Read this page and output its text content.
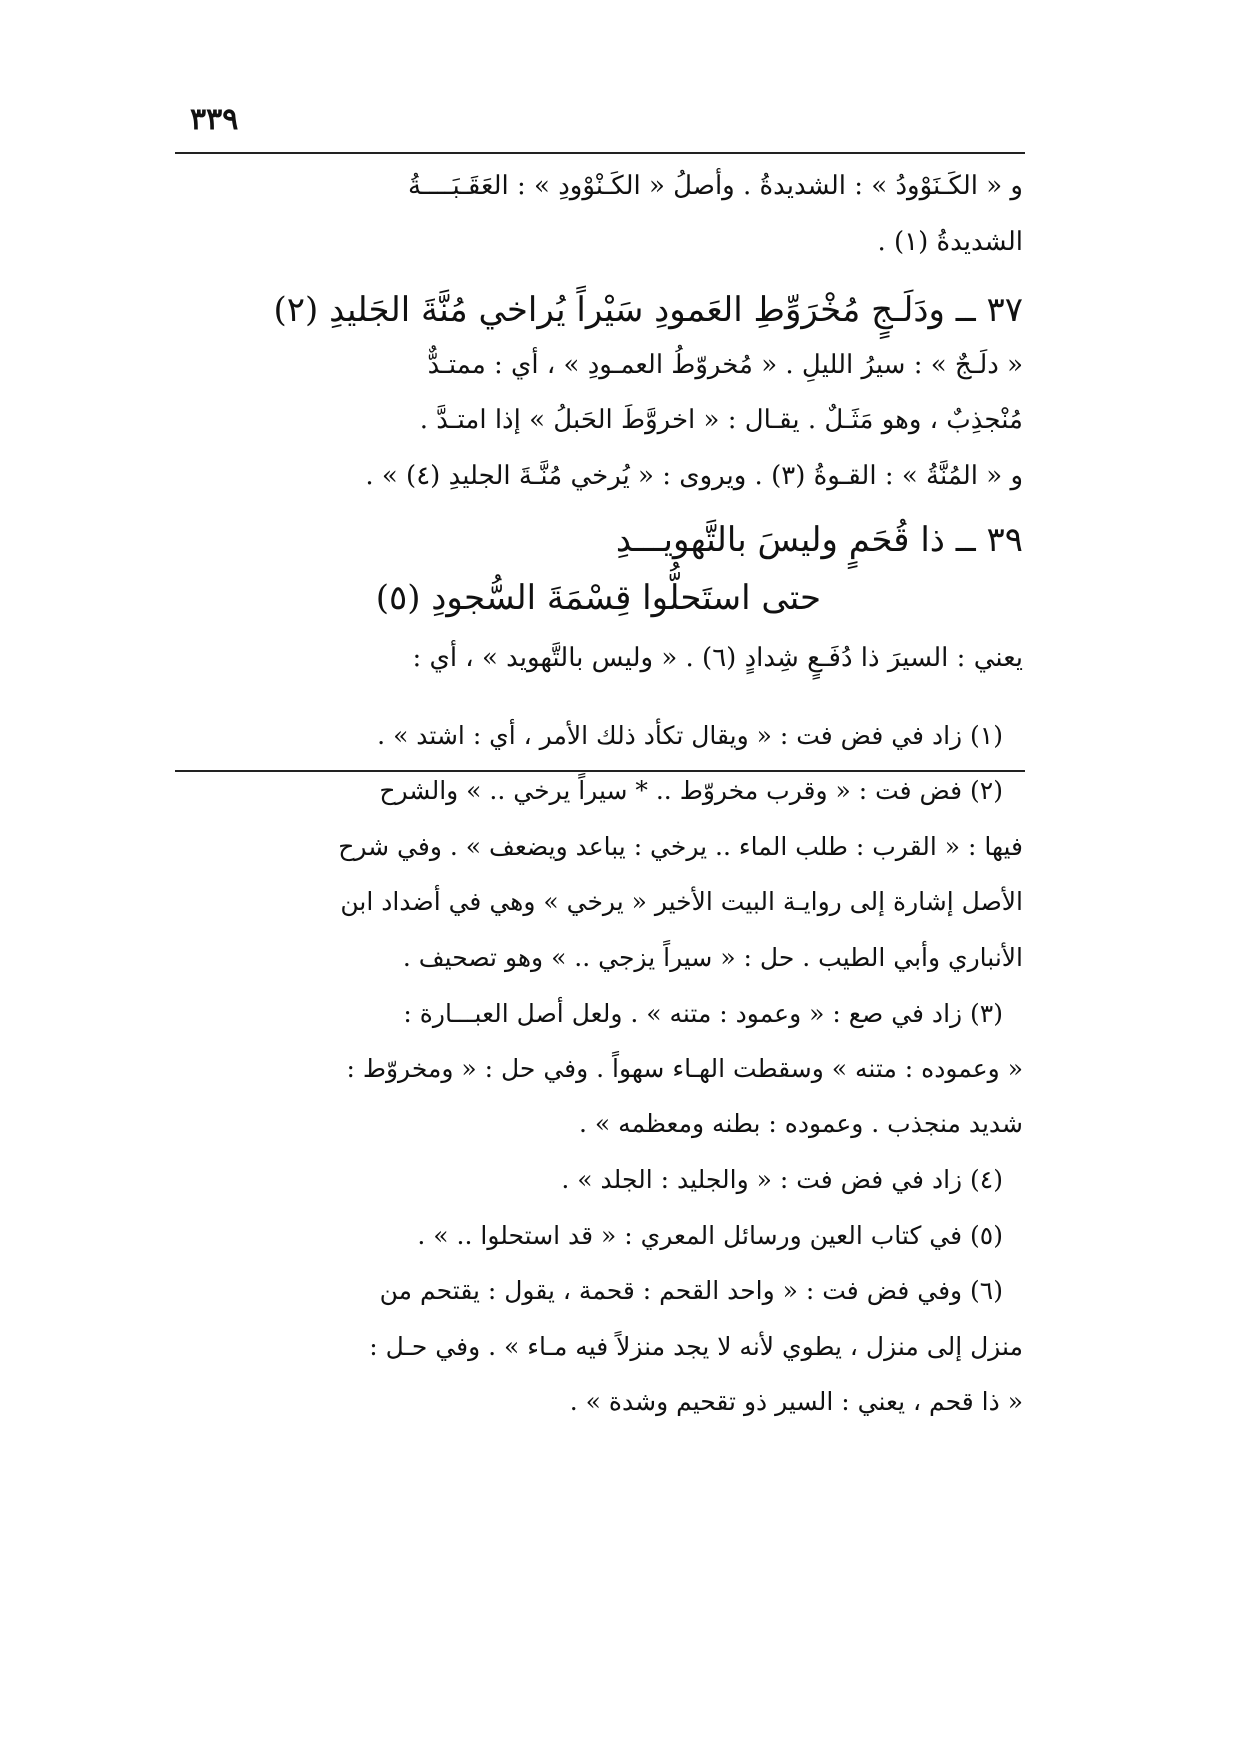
٣٣٩
و « الكَـنَوْودُ » : الشديدةُ . وأصلُ « الكَـنْوْودِ » : العَقَـبَــــةُ
الشديدةُ (١) .
٣٧ ــ ودَلَـجٍ مُخْرَوِّطِ العَمودِ سَيْراً يُراخي مُنَّةَ الجَليدِ (٢)
« دلَـجٌ » : سيرُ الليلِ . « مُخروّطُ العمـودِ » ، أي : ممتـدٌّ
مُنْجذِبٌ ، وهو مَثَـلٌ . يقـال : « اخروَّطَ الحَبلُ » إذا امتـدَّ .
و « المُنَّةُ » : القـوةُ (٣) . ويروى : « يُرخي مُنَّـةَ الجليدِ (٤) » .
٣٩ ــ ذا قُحَمٍ وليسَ بالتَّهويـــدِ
حتى استَحلُّوا قِسْمَةَ السُّجودِ (٥)
يعني : السيرَ ذا دُفَـعٍ شِدادٍ (٦) . « وليس بالتَّهويد » ، أي :
(١) زاد في فض فت : « ويقال تكأد ذلك الأمر ، أي : اشتد » .
(٢) فض فت : « وقرب مخروّط .. * سيراً يرخي .. » والشرح
فيها : « القرب : طلب الماء .. يرخي : يباعد ويضعف » . وفي شرح
الأصل إشارة إلى روايـة البيت الأخير « يرخي » وهي في أضداد ابن
الأنباري وأبي الطيب . حل : « سيراً يزجي .. » وهو تصحيف .
(٣) زاد في صع : « وعمود : متنه » . ولعل أصل العبـــارة :
« وعموده : متنه » وسقطت الهـاء سهواً . وفي حل : « ومخروّط :
شديد منجذب . وعموده : بطنه ومعظمه » .
(٤) زاد في فض فت : « والجليد : الجلد » .
(٥) في كتاب العين ورسائل المعري : « قد استحلوا .. » .
(٦) وفي فض فت : « واحد القحم : قحمة ، يقول : يقتحم من
منزل إلى منزل ، يطوي لأنه لا يجد منزلاً فيه مـاء » . وفي حـل :
« ذا قحم ، يعني : السير ذو تقحيم وشدة » .
